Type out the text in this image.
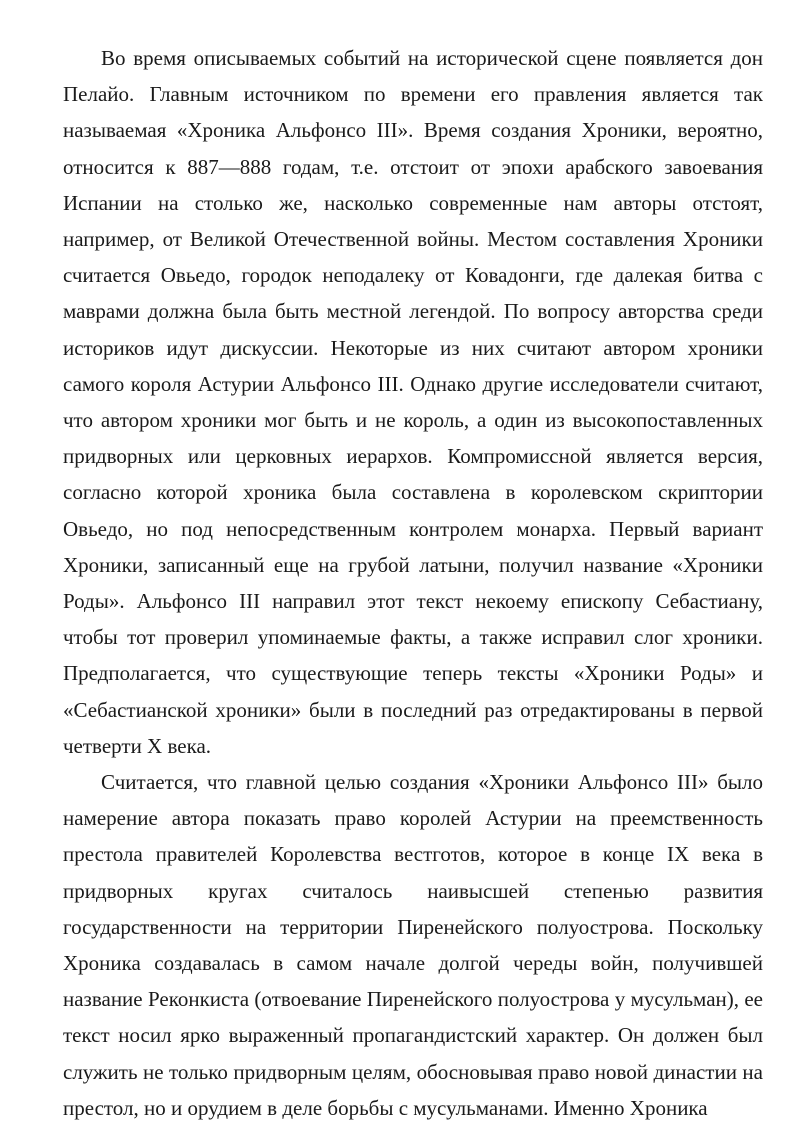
Во время описываемых событий на исторической сцене появляется дон Пелайо. Главным источником по времени его правления является так называемая «Хроника Альфонсо III». Время создания Хроники, вероятно, относится к 887—888 годам, т.е. отстоит от эпохи арабского завоевания Испании на столько же, насколько современные нам авторы отстоят, например, от Великой Отечественной войны. Местом составления Хроники считается Овьедо, городок неподалеку от Ковадонги, где далекая битва с маврами должна была быть местной легендой. По вопросу авторства среди историков идут дискуссии. Некоторые из них считают автором хроники самого короля Астурии Альфонсо III. Однако другие исследователи считают, что автором хроники мог быть и не король, а один из высокопоставленных придворных или церковных иерархов. Компромиссной является версия, согласно которой хроника была составлена в королевском скриптории Овьедо, но под непосредственным контролем монарха. Первый вариант Хроники, записанный еще на грубой латыни, получил название «Хроники Роды». Альфонсо III направил этот текст некоему епископу Себастиану, чтобы тот проверил упоминаемые факты, а также исправил слог хроники. Предполагается, что существующие теперь тексты «Хроники Роды» и «Себастианской хроники» были в последний раз отредактированы в первой четверти X века.

Считается, что главной целью создания «Хроники Альфонсо III» было намерение автора показать право королей Астурии на преемственность престола правителей Королевства вестготов, которое в конце IX века в придворных кругах считалось наивысшей степенью развития государственности на территории Пиренейского полуострова. Поскольку Хроника создавалась в самом начале долгой череды войн, получившей название Реконкиста (отвоевание Пиренейского полуострова у мусульман), ее текст носил ярко выраженный пропагандистский характер. Он должен был служить не только придворным целям, обосновывая право новой династии на престол, но и орудием в деле борьбы с мусульманами. Именно Хроника
